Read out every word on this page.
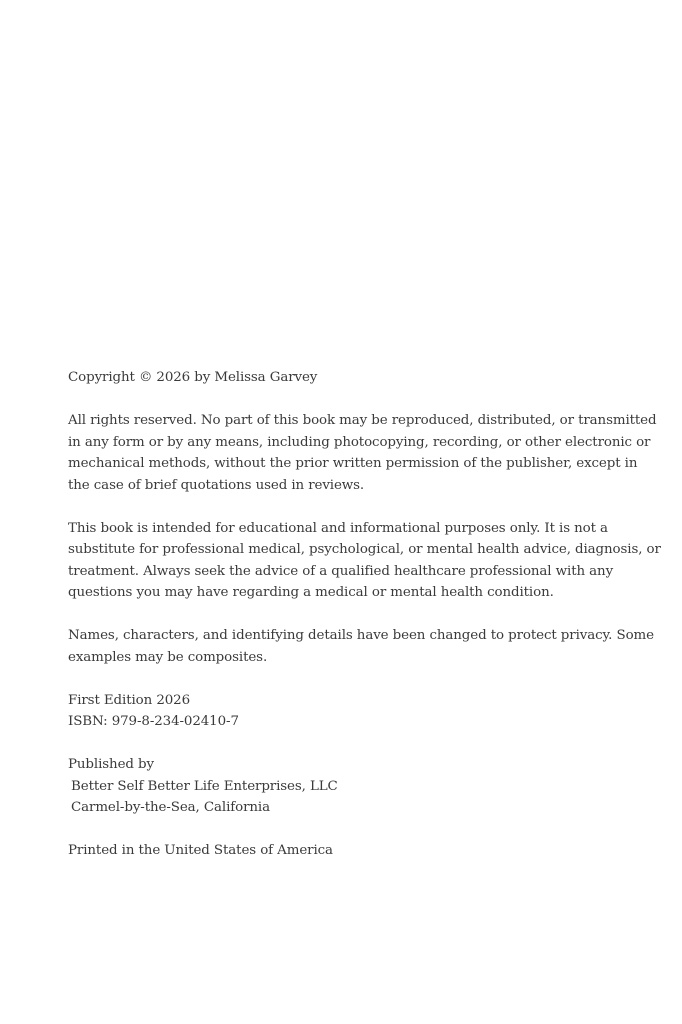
Copyright © 2026 by Melissa Garvey

All rights reserved. No part of this book may be reproduced, distributed, or transmitted
in any form or by any means, including photocopying, recording, or other electronic or
mechanical methods, without the prior written permission of the publisher, except in
the case of brief quotations used in reviews.

This book is intended for educational and informational purposes only. It is not a
substitute for professional medical, psychological, or mental health advice, diagnosis, or
treatment. Always seek the advice of a qualified healthcare professional with any
questions you may have regarding a medical or mental health condition.

Names, characters, and identifying details have been changed to protect privacy. Some
examples may be composites.

First Edition 2026
ISBN: 979-8-234-02410-7

Published by
Better Self Better Life Enterprises, LLC
Carmel-by-the-Sea, California

Printed in the United States of America
